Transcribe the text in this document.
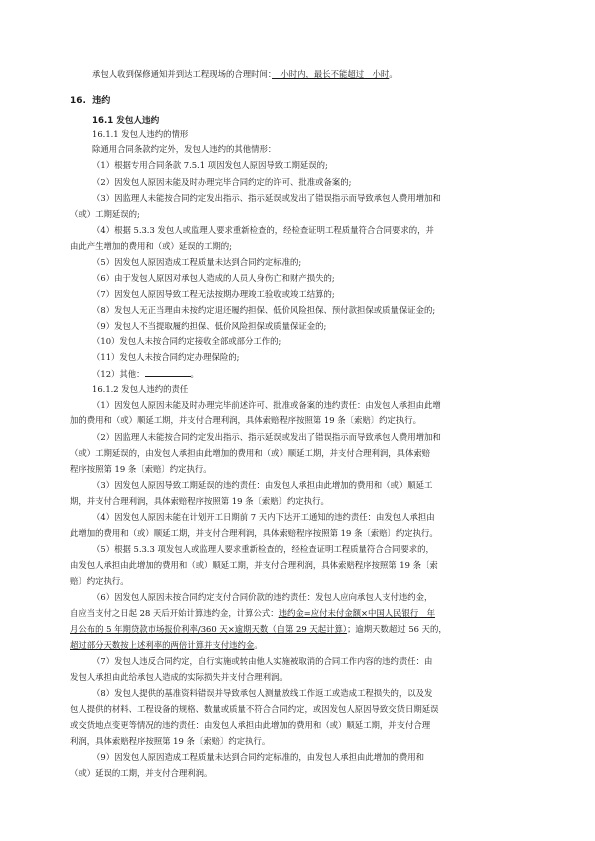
承包人收到保修通知并到达工程现场的合理时间：　小时内，最长不能超过　小时。
16. 违约
16.1 发包人违约
16.1.1 发包人违约的情形
除通用合同条款约定外，发包人违约的其他情形：
（1）根据专用合同条款 7.5.1 项因发包人原因导致工期延误的;
（2）因发包人原因未能及时办理完毕合同约定的许可、批准或备案的;
（3）因监理人未能按合同约定发出指示、指示延误或发出了错误指示而导致承包人费用增加和
（或）工期延误的;
（4）根据 5.3.3 发包人或监理人要求重新检查的，经检查证明工程质量符合合同要求的，并
由此产生增加的费用和（或）延误的工期的;
（5）因发包人原因造成工程质量未达到合同约定标准的;
（6）由于发包人原因对承包人造成的人员人身伤亡和财产损失的;
（7）因发包人原因导致工程无法按期办理竣工验收或竣工结算的;
（8）发包人无正当理由未按约定退还履约担保、低价风险担保、预付款担保或质量保证金的;
（9）发包人不当提取履约担保、低价风险担保或质量保证金的;
（10）发包人未按合同约定接收全部或部分工作的;
（11）发包人未按合同约定办理保险的;
（12）其他：	。
16.1.2 发包人违约的责任
（1）因发包人原因未能及时办理完毕前述许可、批准或备案的违约责任：由发包人承担由此增
加的费用和（或）顺延工期，并支付合理利润，具体索赔程序按照第 19 条〔索赔〕约定执行。
（2）因监理人未能按合同约定发出指示、指示延误或发出了错误指示而导致承包人费用增加和
（或）工期延误的，由发包人承担由此增加的费用和（或）顺延工期，并支付合理利润，具体索赔
程序按照第 19 条〔索赔〕约定执行。
（3）因发包人原因导致工期延误的违约责任：由发包人承担由此增加的费用和（或）顺延工
期，并支付合理利润，具体索赔程序按照第 19 条〔索赔〕约定执行。
（4）因发包人原因未能在计划开工日期前 7 天内下达开工通知的违约责任：由发包人承担由
此增加的费用和（或）顺延工期，并支付合理利润，具体索赔程序按照第 19 条〔索赔〕约定执行。
（5）根据 5.3.3 项发包人或监理人要求重新检查的，经检查证明工程质量符合合同要求的，
由发包人承担由此增加的费用和（或）顺延工期，并支付合理利润，具体索赔程序按照第 19 条〔索
赔〕约定执行。
（6）因发包人原因未按合同约定支付合同价款的违约责任：发包人应向承包人支付违约金，
自应当支付之日起 28 天后开始计算违约金，计算公式：违约金=应付未付金额×中国人民银行　年
月公布的 5 年期贷款市场报价利率/360 天×逾期天数（自第 29 天起计算）；逾期天数超过 56 天的，
超过部分天数按上述利率的两倍计算并支付违约金。
（7）发包人违反合同约定，自行实施或转由他人实施被取消的合同工作内容的违约责任：由
发包人承担由此给承包人造成的实际损失并支付合理利润。
（8）发包人提供的基准资料错误并导致承包人测量放线工作返工或造成工程损失的，以及发
包人提供的材料、工程设备的规格、数量或质量不符合合同约定，或因发包人原因导致交货日期延误
或交货地点变更等情况的违约责任：由发包人承担由此增加的费用和（或）顺延工期，并支付合理
利润，具体索赔程序按照第 19 条〔索赔〕约定执行。
（9）因发包人原因造成工程质量未达到合同约定标准的，由发包人承担由此增加的费用和
（或）延误的工期，并支付合理利润。
